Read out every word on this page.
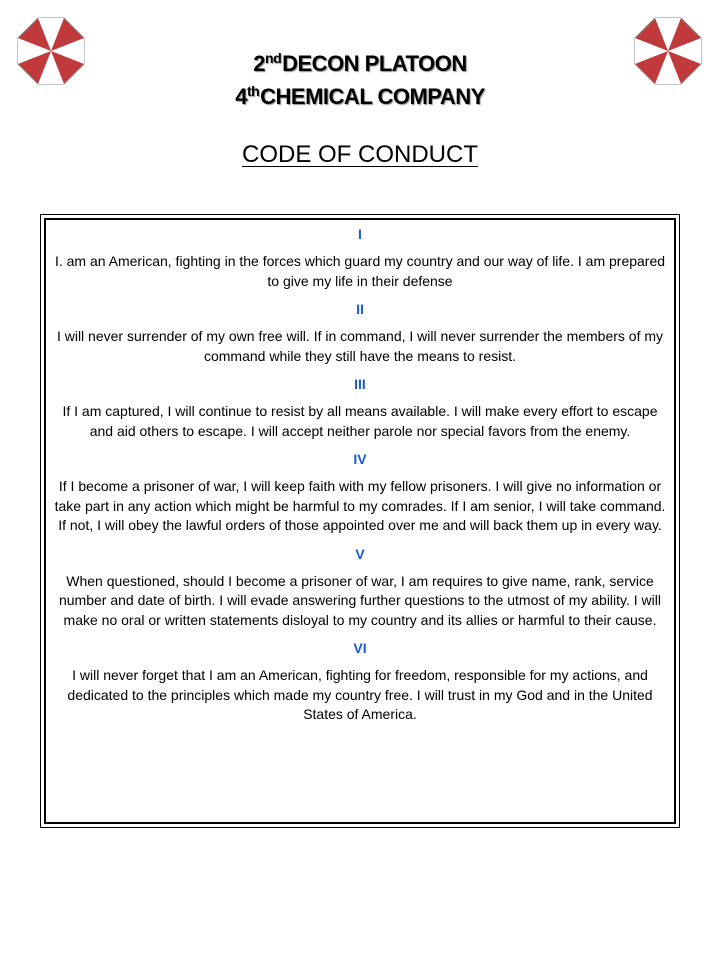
2ndDECON PLATOON
4thCHEMICAL COMPANY
CODE OF CONDUCT
I
I. am an American, fighting in the forces which guard my country and our way of life. I am prepared to give my life in their defense
II
I will never surrender of my own free will. If in command, I will never surrender the members of my command while they still have the means to resist.
III
If I am captured, I will continue to resist by all means available. I will make every effort to escape and aid others to escape. I will accept neither parole nor special favors from the enemy.
IV
If I become a prisoner of war, I will keep faith with my fellow prisoners. I will give no information or take part in any action which might be harmful to my comrades. If I am senior, I will take command. If not, I will obey the lawful orders of those appointed over me and will back them up in every way.
V
When questioned, should I become a prisoner of war, I am requires to give name, rank, service number and date of birth. I will evade answering further questions to the utmost of my ability. I will make no oral or written statements disloyal to my country and its allies or harmful to their cause.
VI
I will never forget that I am an American, fighting for freedom, responsible for my actions, and dedicated to the principles which made my country free. I will trust in my God and in the United States of America.
